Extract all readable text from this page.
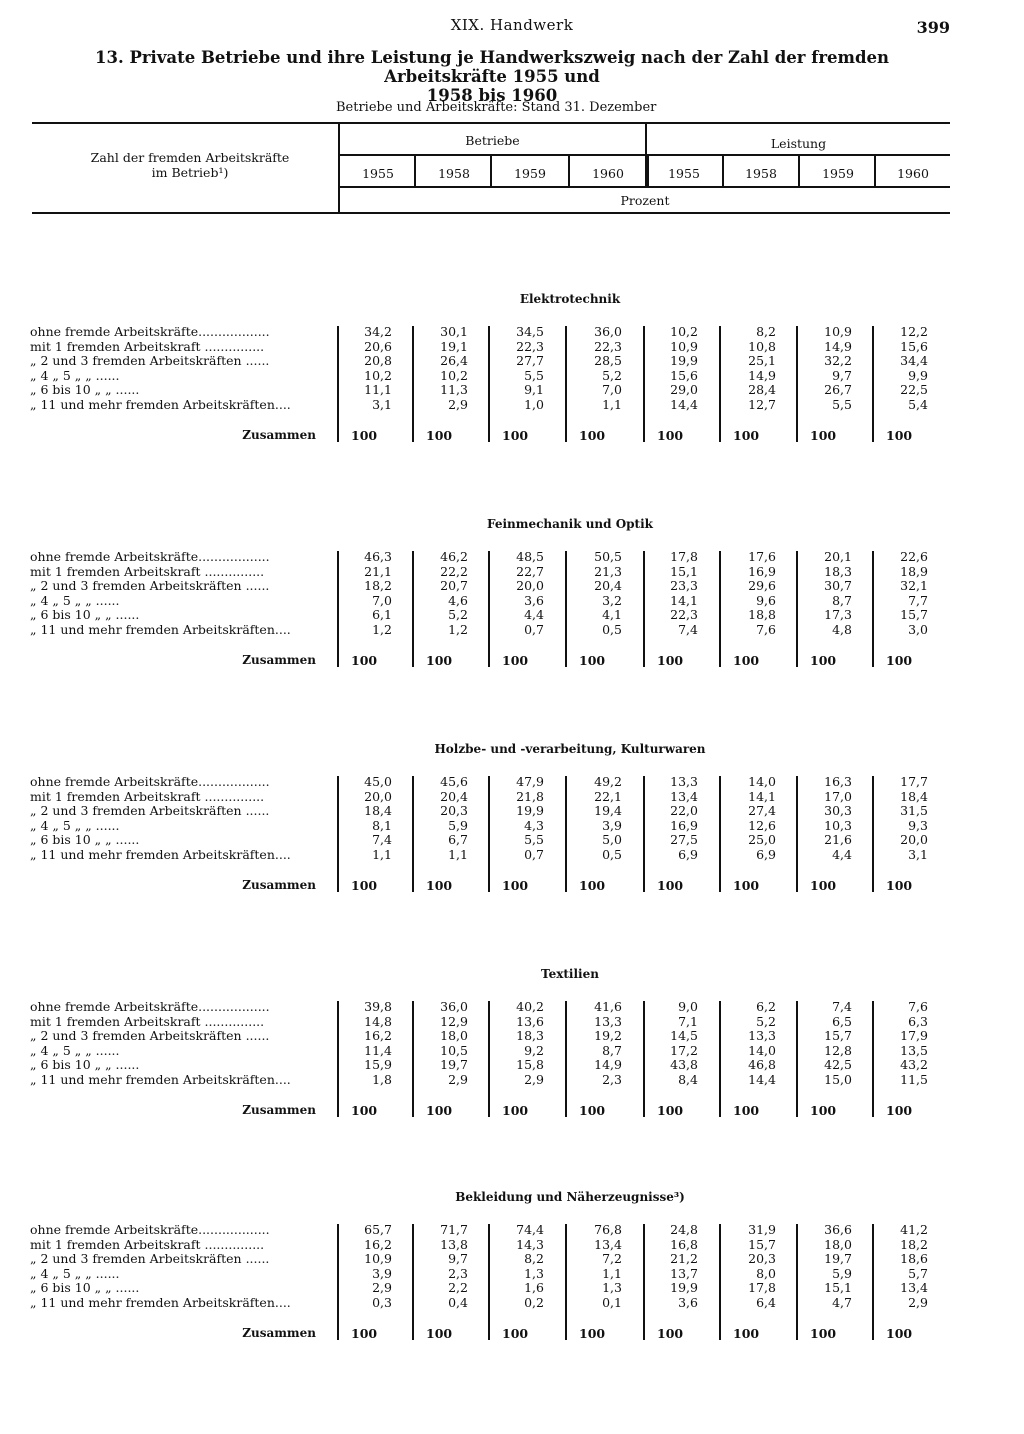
XIX. Handwerk	399
13. Private Betriebe und ihre Leistung je Handwerkszweig nach der Zahl der fremden Arbeitskräfte 1955 und
1958 bis 1960
Betriebe und Arbeitskräfte: Stand 31. Dezember
Zahl der fremden Arbeitskräfte
im Betrieb¹)
Betriebe	Leistung
Prozent
1955	1958	1959	1960	1955	1958	1959	1960
Elektrotechnik
ohne fremde Arbeitskräfte..................	34,2	30,1	34,5	36,0	10,2	8,2	10,9	12,2
mit 1 fremden Arbeitskraft ...............	20,6	19,1	22,3	22,3	10,9	10,8	14,9	15,6
„ 2 und 3 fremden Arbeitskräften ......	20,8	26,4	27,7	28,5	19,9	25,1	32,2	34,4
„ 4 „ 5 „ „ ......	10,2	10,2	5,5	5,2	15,6	14,9	9,7	9,9
„ 6 bis 10 „ „ ......	11,1	11,3	9,1	7,0	29,0	28,4	26,7	22,5
„ 11 und mehr fremden Arbeitskräften....	3,1	2,9	1,0	1,1	14,4	12,7	5,5	5,4
Zusammen	100	100	100	100	100	100	100	100
Feinmechanik und Optik
ohne fremde Arbeitskräfte..................	46,3	46,2	48,5	50,5	17,8	17,6	20,1	22,6
mit 1 fremden Arbeitskraft ...............	21,1	22,2	22,7	21,3	15,1	16,9	18,3	18,9
„ 2 und 3 fremden Arbeitskräften ......	18,2	20,7	20,0	20,4	23,3	29,6	30,7	32,1
„ 4 „ 5 „ „ ......	7,0	4,6	3,6	3,2	14,1	9,6	8,7	7,7
„ 6 bis 10 „ „ ......	6,1	5,2	4,4	4,1	22,3	18,8	17,3	15,7
„ 11 und mehr fremden Arbeitskräften....	1,2	1,2	0,7	0,5	7,4	7,6	4,8	3,0
Zusammen	100	100	100	100	100	100	100	100
Holzbe- und -verarbeitung, Kulturwaren
ohne fremde Arbeitskräfte..................	45,0	45,6	47,9	49,2	13,3	14,0	16,3	17,7
mit 1 fremden Arbeitskraft ...............	20,0	20,4	21,8	22,1	13,4	14,1	17,0	18,4
„ 2 und 3 fremden Arbeitskräften ......	18,4	20,3	19,9	19,4	22,0	27,4	30,3	31,5
„ 4 „ 5 „ „ ......	8,1	5,9	4,3	3,9	16,9	12,6	10,3	9,3
„ 6 bis 10 „ „ ......	7,4	6,7	5,5	5,0	27,5	25,0	21,6	20,0
„ 11 und mehr fremden Arbeitskräften....	1,1	1,1	0,7	0,5	6,9	6,9	4,4	3,1
Zusammen	100	100	100	100	100	100	100	100
Textilien
ohne fremde Arbeitskräfte..................	39,8	36,0	40,2	41,6	9,0	6,2	7,4	7,6
mit 1 fremden Arbeitskraft ...............	14,8	12,9	13,6	13,3	7,1	5,2	6,5	6,3
„ 2 und 3 fremden Arbeitskräften ......	16,2	18,0	18,3	19,2	14,5	13,3	15,7	17,9
„ 4 „ 5 „ „ ......	11,4	10,5	9,2	8,7	17,2	14,0	12,8	13,5
„ 6 bis 10 „ „ ......	15,9	19,7	15,8	14,9	43,8	46,8	42,5	43,2
„ 11 und mehr fremden Arbeitskräften....	1,8	2,9	2,9	2,3	8,4	14,4	15,0	11,5
Zusammen	100	100	100	100	100	100	100	100
Bekleidung und Näherzeugnisse³)
ohne fremde Arbeitskräfte..................	65,7	71,7	74,4	76,8	24,8	31,9	36,6	41,2
mit 1 fremden Arbeitskraft ...............	16,2	13,8	14,3	13,4	16,8	15,7	18,0	18,2
„ 2 und 3 fremden Arbeitskräften ......	10,9	9,7	8,2	7,2	21,2	20,3	19,7	18,6
„ 4 „ 5 „ „ ......	3,9	2,3	1,3	1,1	13,7	8,0	5,9	5,7
„ 6 bis 10 „ „ ......	2,9	2,2	1,6	1,3	19,9	17,8	15,1	13,4
„ 11 und mehr fremden Arbeitskräften....	0,3	0,4	0,2	0,1	3,6	6,4	4,7	2,9
Zusammen	100	100	100	100	100	100	100	100
